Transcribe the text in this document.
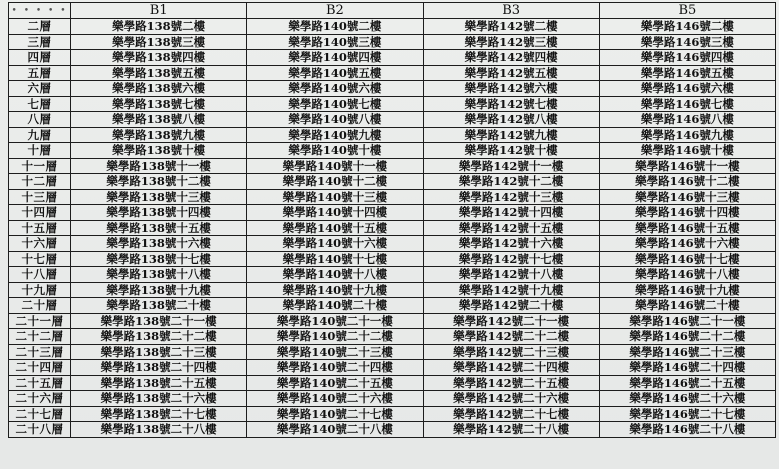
• • • • •	B1	B2	B3	B5
二層	樂學路138號二樓	樂學路140號二樓	樂學路142號二樓	樂學路146號二樓
三層	樂學路138號三樓	樂學路140號三樓	樂學路142號三樓	樂學路146號三樓
四層	樂學路138號四樓	樂學路140號四樓	樂學路142號四樓	樂學路146號四樓
五層	樂學路138號五樓	樂學路140號五樓	樂學路142號五樓	樂學路146號五樓
六層	樂學路138號六樓	樂學路140號六樓	樂學路142號六樓	樂學路146號六樓
七層	樂學路138號七樓	樂學路140號七樓	樂學路142號七樓	樂學路146號七樓
八層	樂學路138號八樓	樂學路140號八樓	樂學路142號八樓	樂學路146號八樓
九層	樂學路138號九樓	樂學路140號九樓	樂學路142號九樓	樂學路146號九樓
十層	樂學路138號十樓	樂學路140號十樓	樂學路142號十樓	樂學路146號十樓
十一層	樂學路138號十一樓	樂學路140號十一樓	樂學路142號十一樓	樂學路146號十一樓
十二層	樂學路138號十二樓	樂學路140號十二樓	樂學路142號十二樓	樂學路146號十二樓
十三層	樂學路138號十三樓	樂學路140號十三樓	樂學路142號十三樓	樂學路146號十三樓
十四層	樂學路138號十四樓	樂學路140號十四樓	樂學路142號十四樓	樂學路146號十四樓
十五層	樂學路138號十五樓	樂學路140號十五樓	樂學路142號十五樓	樂學路146號十五樓
十六層	樂學路138號十六樓	樂學路140號十六樓	樂學路142號十六樓	樂學路146號十六樓
十七層	樂學路138號十七樓	樂學路140號十七樓	樂學路142號十七樓	樂學路146號十七樓
十八層	樂學路138號十八樓	樂學路140號十八樓	樂學路142號十八樓	樂學路146號十八樓
十九層	樂學路138號十九樓	樂學路140號十九樓	樂學路142號十九樓	樂學路146號十九樓
二十層	樂學路138號二十樓	樂學路140號二十樓	樂學路142號二十樓	樂學路146號二十樓
二十一層	樂學路138號二十一樓	樂學路140號二十一樓	樂學路142號二十一樓	樂學路146號二十一樓
二十二層	樂學路138號二十二樓	樂學路140號二十二樓	樂學路142號二十二樓	樂學路146號二十二樓
二十三層	樂學路138號二十三樓	樂學路140號二十三樓	樂學路142號二十三樓	樂學路146號二十三樓
二十四層	樂學路138號二十四樓	樂學路140號二十四樓	樂學路142號二十四樓	樂學路146號二十四樓
二十五層	樂學路138號二十五樓	樂學路140號二十五樓	樂學路142號二十五樓	樂學路146號二十五樓
二十六層	樂學路138號二十六樓	樂學路140號二十六樓	樂學路142號二十六樓	樂學路146號二十六樓
二十七層	樂學路138號二十七樓	樂學路140號二十七樓	樂學路142號二十七樓	樂學路146號二十七樓
二十八層	樂學路138號二十八樓	樂學路140號二十八樓	樂學路142號二十八樓	樂學路146號二十八樓
